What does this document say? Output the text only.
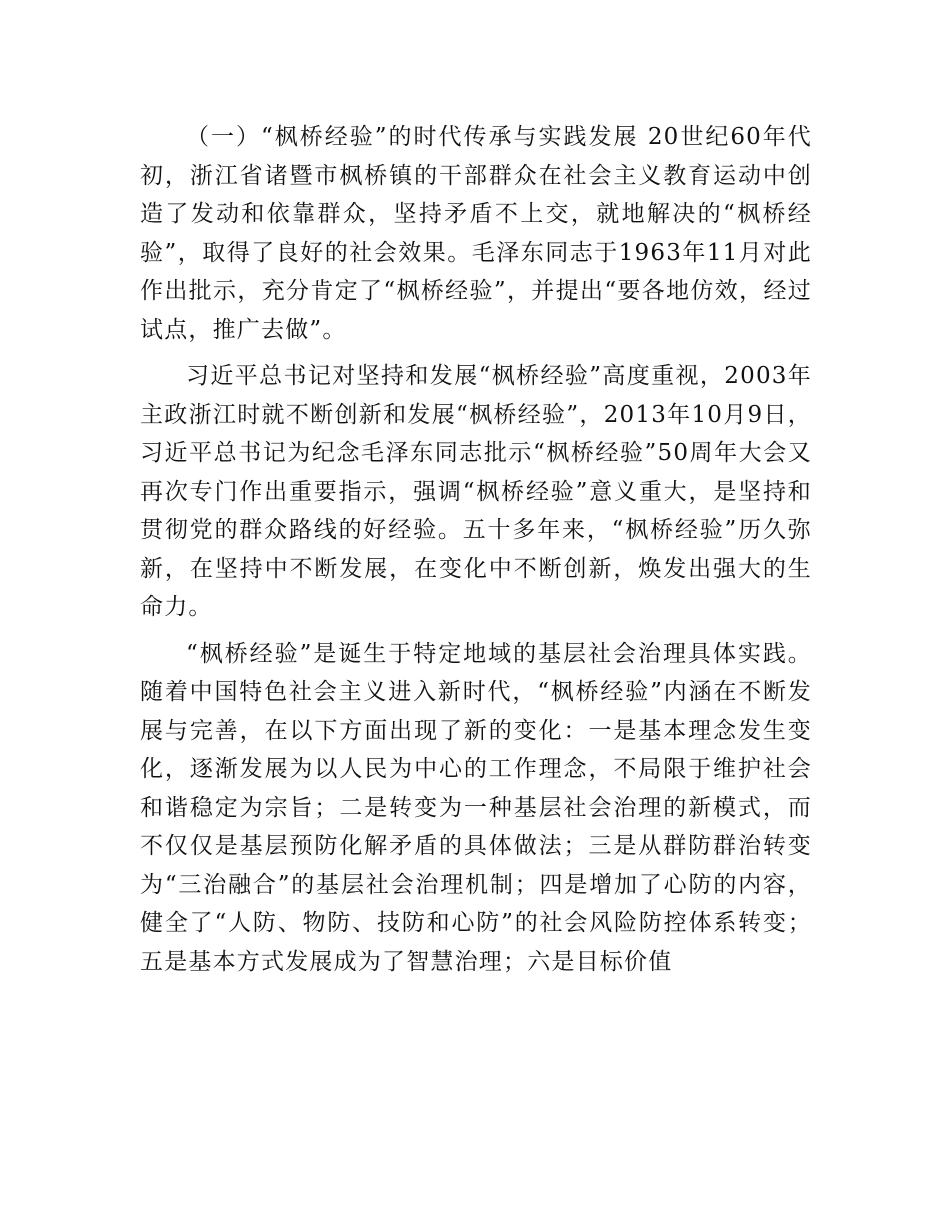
（一）“枫桥经验”的时代传承与实践发展 20世纪60年代初，浙江省诸暨市枫桥镇的干部群众在社会主义教育运动中创造了发动和依靠群众，坚持矛盾不上交，就地解决的“枫桥经验”，取得了良好的社会效果。毛泽东同志于1963年11月对此作出批示，充分肯定了“枫桥经验”，并提出“要各地仿效，经过试点，推广去做”。

习近平总书记对坚持和发展“枫桥经验”高度重视，2003年主政浙江时就不断创新和发展“枫桥经验”，2013年10月9日，习近平总书记为纪念毛泽东同志批示“枫桥经验”50周年大会又再次专门作出重要指示，强调“枫桥经验”意义重大，是坚持和贯彻党的群众路线的好经验。五十多年来，“枫桥经验”历久弥新，在坚持中不断发展，在变化中不断创新，焕发出强大的生命力。

“枫桥经验”是诞生于特定地域的基层社会治理具体实践。随着中国特色社会主义进入新时代，“枫桥经验”内涵在不断发展与完善，在以下方面出现了新的变化：一是基本理念发生变化，逐渐发展为以人民为中心的工作理念，不局限于维护社会和谐稳定为宗旨；二是转变为一种基层社会治理的新模式，而不仅仅是基层预防化解矛盾的具体做法；三是从群防群治转变为“三治融合”的基层社会治理机制；四是增加了心防的内容，健全了“人防、物防、技防和心防”的社会风险防控体系转变；五是基本方式发展成为了智慧治理；六是目标价值
